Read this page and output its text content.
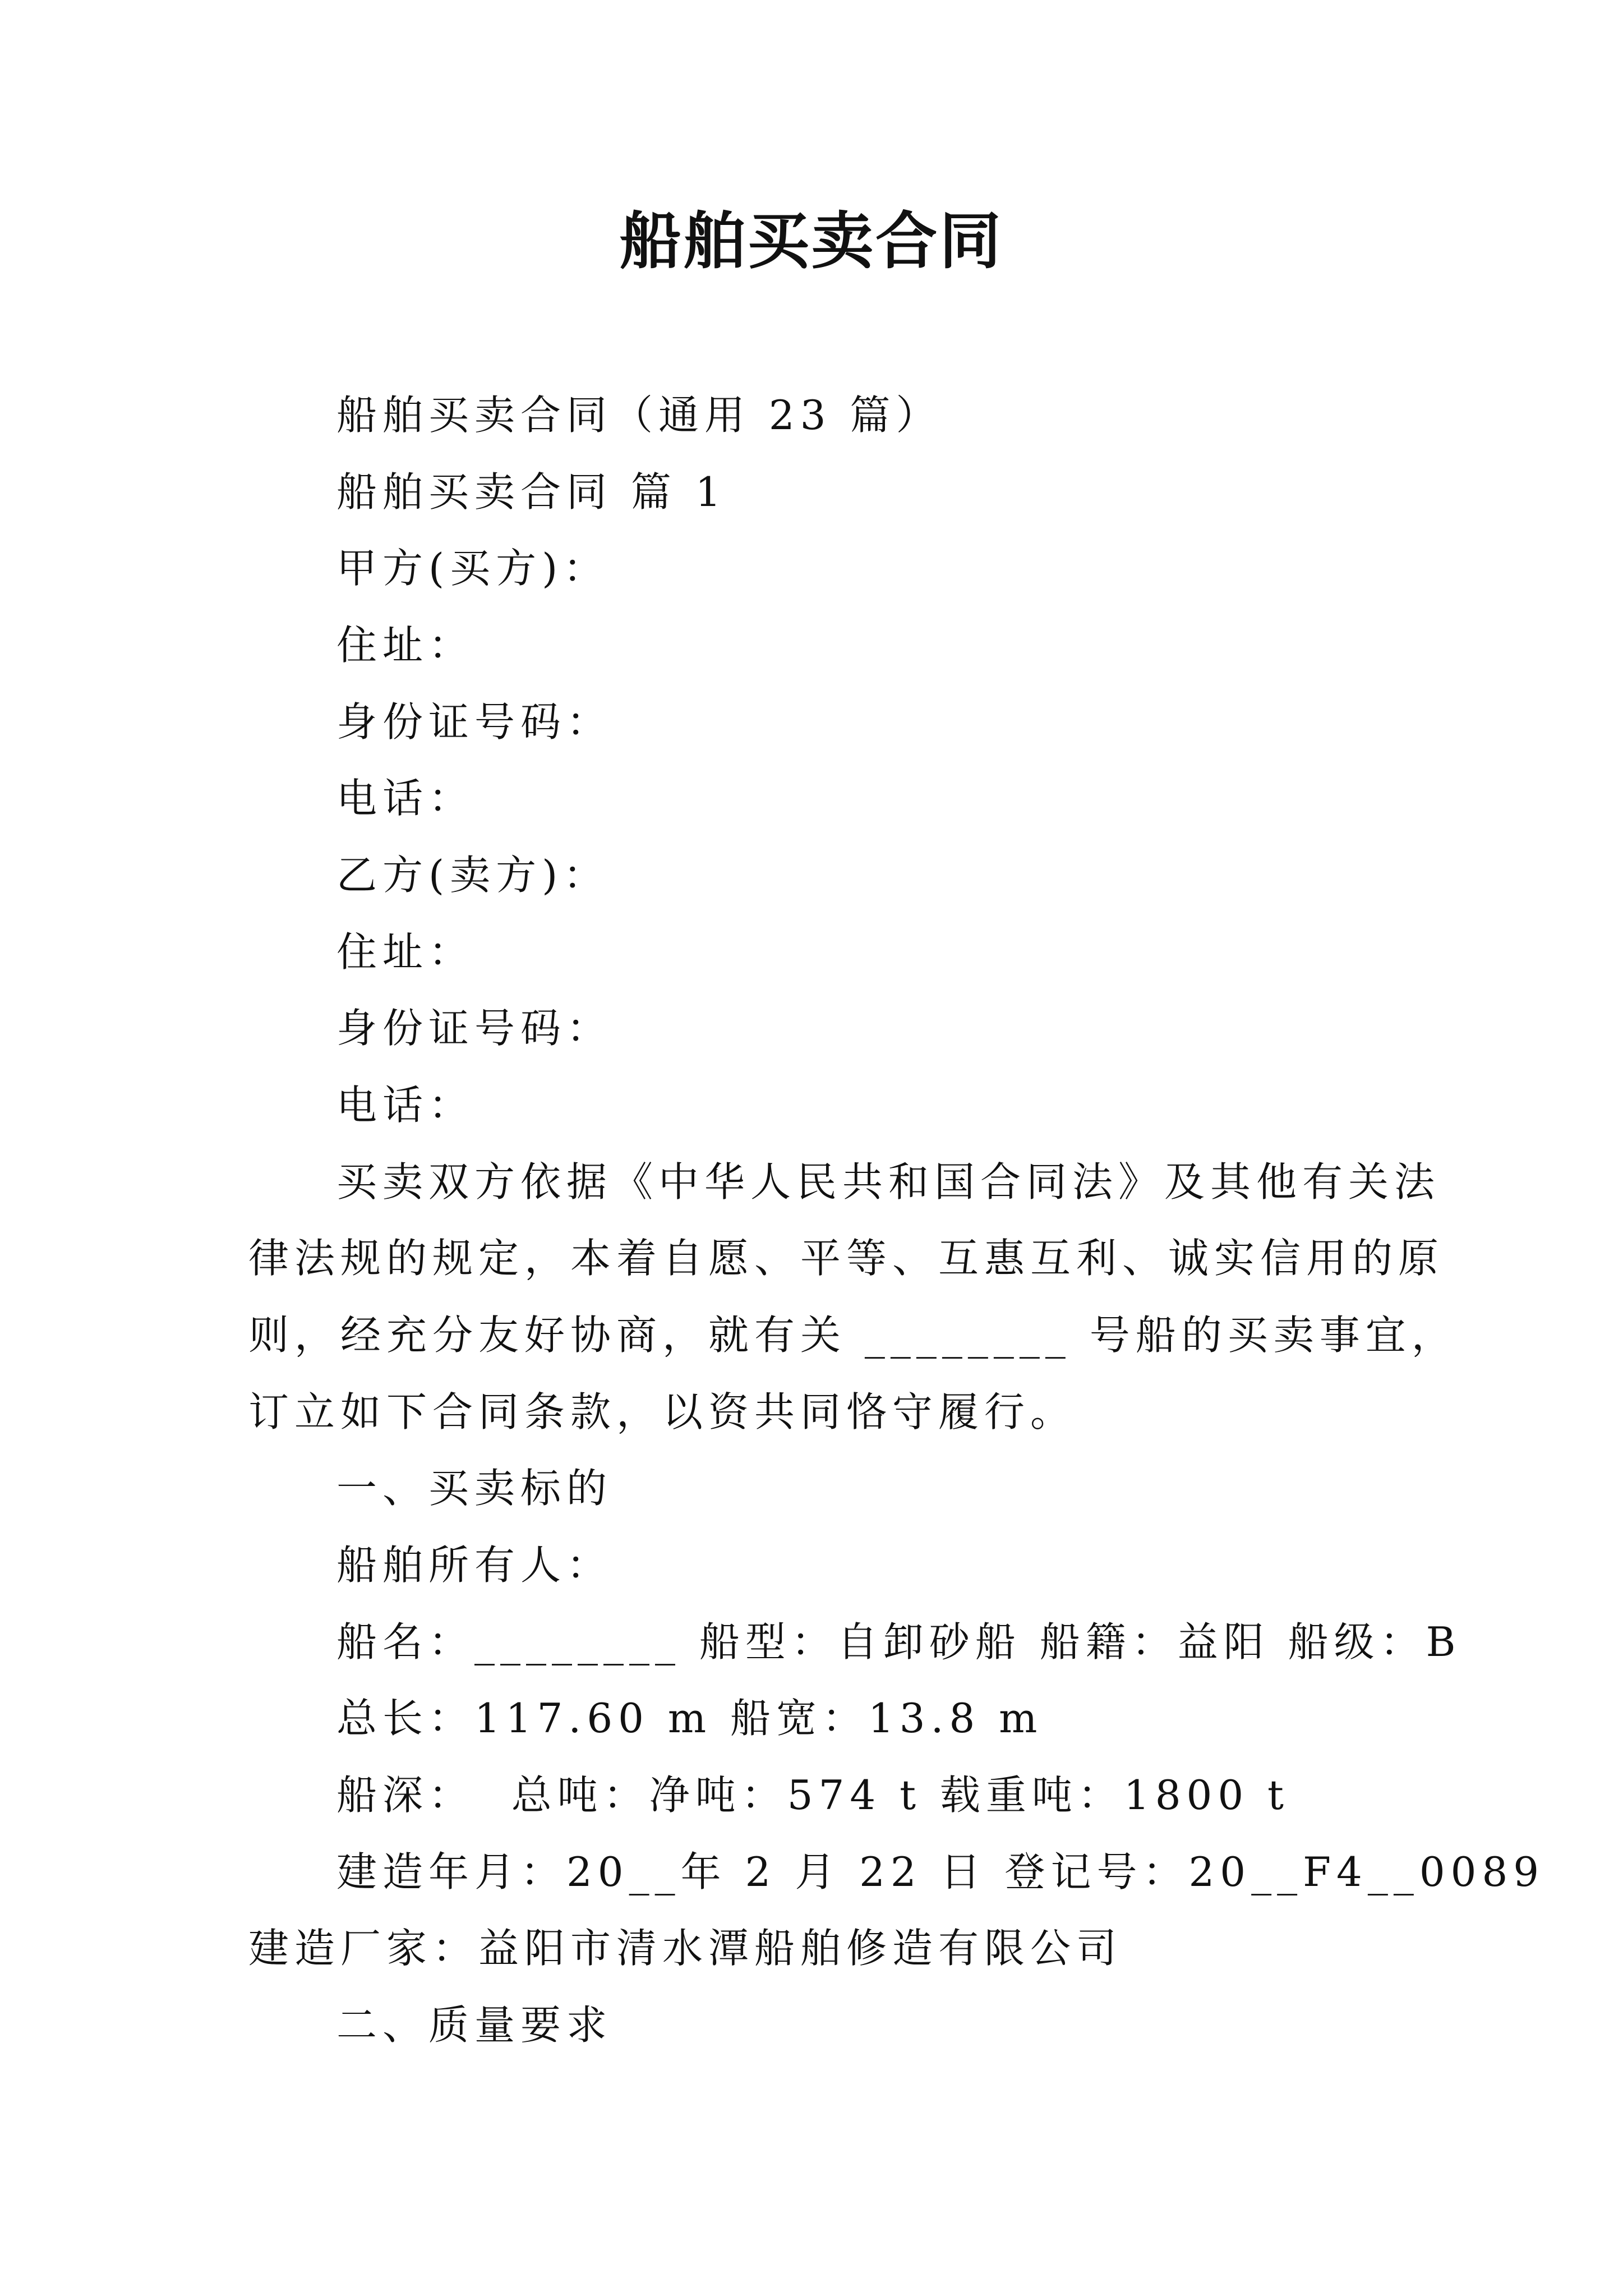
船舶买卖合同
船舶买卖合同（通用 23 篇）
船舶买卖合同 篇 1
甲方(买方)：
住址：
身份证号码：
电话：
乙方(卖方)：
住址：
身份证号码：
电话：
买卖双方依据《中华人民共和国合同法》及其他有关法
律法规的规定，本着自愿、平等、互惠互利、诚实信用的原
则，经充分友好协商，就有关 ________ 号船的买卖事宜，
订立如下合同条款，以资共同恪守履行。
一、买卖标的
船舶所有人：
船名：________ 船型：自卸砂船 船籍：益阳 船级：B
总长：117.60 m 船宽：13.8 m
船深：  总吨：净吨：574 t 载重吨：1800 t
建造年月：20__年 2 月 22 日 登记号：20__F4__0089
建造厂家：益阳市清水潭船舶修造有限公司
二、质量要求
